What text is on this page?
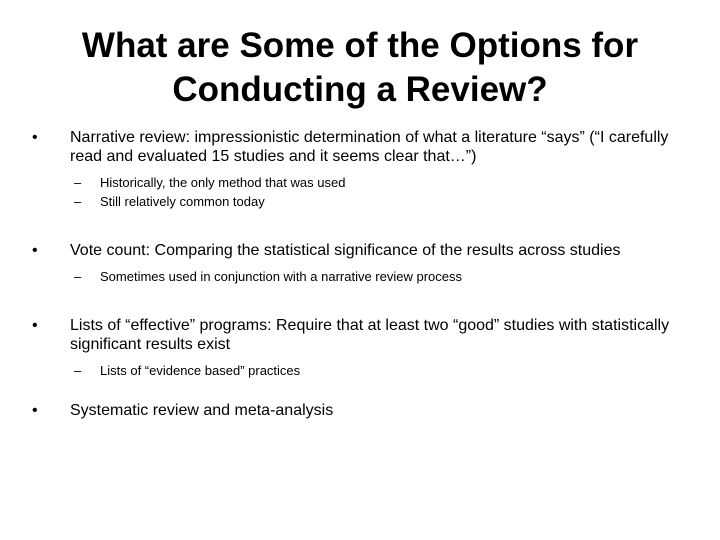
What are Some of the Options for
Conducting a Review?
•	Narrative review: impressionistic determination of what a literature “says” (“I carefully read and evaluated 15 studies and it seems clear that…”)
– Historically, the only method that was used
– Still relatively common today
•	Vote count: Comparing the statistical significance of the results across studies
– Sometimes used in conjunction with a narrative review process
•	Lists of “effective” programs: Require that at least two “good” studies with statistically significant results exist
– Lists of “evidence based” practices
•	Systematic review and meta-analysis
